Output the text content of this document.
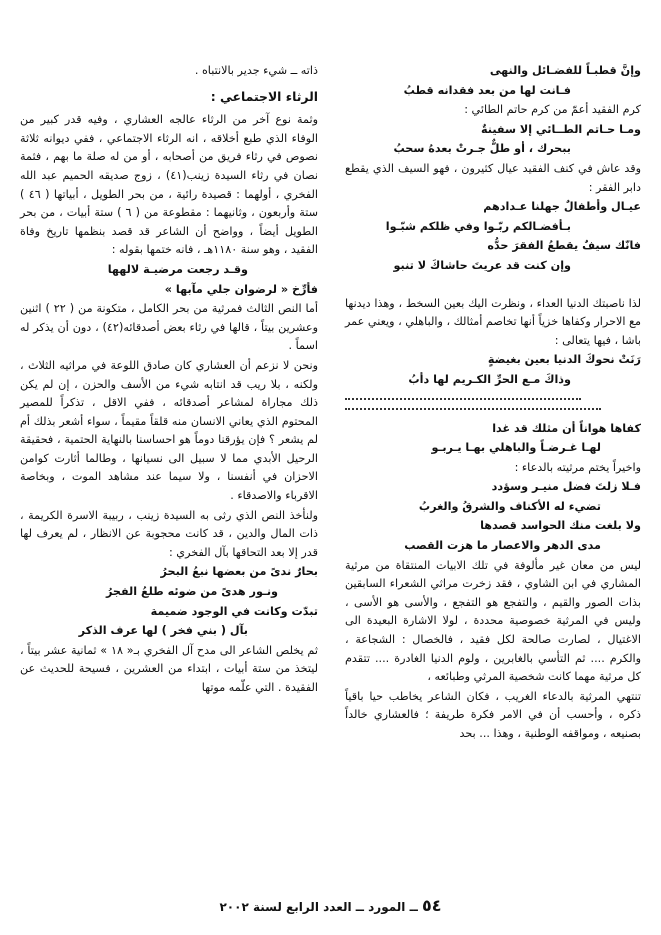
وإنَّ قطبـاً للفضـائل والنهى
فـانت لها من بعد فقدانه قطبُ

كرم الفقيد أعمّ من كرم حاتم الطائي :

ومـا حـاتم الطــائي إلا سفينةٌ
ببحرك ، أو طلٌّ جـرتْ بعدهُ سحبُ

وقد عاش في كنف الفقيد عيال كثيرون ، فهو السيف الذي يقطع دابر الفقر :

عيـال وأطفالٌ جهلنا عـدادهم
بـأفضـالكم ربّـوا وفي ظلكم شبّـوا
فانّك سيفٌ يقطعُ الفقرَ حدُّه
وإن كنت قد عريتَ حاشاكَ لا تنبو

لذا ناصبتك الدنيا العداء ، ونظرت اليك بعين السخط ، وهذا ديدنها مع الاحرار وكفاها خزياً أنها تخاصم أمثالك ، والباهلي ، ويعني عمر باشا ، فيها يتعالى :

رَنَتْ نحوكَ الدنيا بعين بغيضةٍ
وذاكَ مـع الحرِّ الكـريم لها دأبُ
كفاها هواناً أن مثلك قد غدا
لهـا غـرضـاً والباهلي بهـا يـربـو

واخيراً يختم مرثيته بالدعاء :

فـلا زلتَ فضل منيـر وسؤدد
تضيء له الأكناف والشرقُ والغربُ
ولا بلغت منك الحواسد قصدها
مدى الدهر والاعصار ما هزت القصب

ليس من معان غير مألوفة في تلك الابيات المنتقاة من مرثية المشاري في ابن الشاوي ، فقد زخرت مراثي الشعراء السابقين بذات الصور والقيم ، والتفجع هو التفجع ، والأسى هو الأسى ، وليس في المرثية خصوصية محددة ، لولا الاشارة البعيدة الى الاغتيال ، لصارت صالحة لكل فقيد ، فالخصال : الشجاعة ، والكرم .... ثم التأسي بالغابرين ، ولوم الدنيا الغادرة .... تتقدم كل مرثية مهما كانت شخصية المرثي وطبائعه ،

تنتهي المرثية بالدعاء الغريب ، فكان الشاعر يخاطب حيا باقياً ذكره ، وأحسب أن في الامر فكرة طريفة ؛ فالعشاري خالداً بصنيعه ، ومواقفه الوطنية ، وهذا ... بحد

ذاته ــ شيء جدير بالانتباه .

الرثاء الاجتماعي :

وثمة نوع آخر من الرثاء عالجه العشاري ، وفيه قدر كبير من الوفاء الذي طبع أخلاقه ، انه الرثاء الاجتماعي ، ففي ديوانه ثلاثة نصوص في رثاء فريق من أصحابه ، أو من له صلة ما بهم ، فثمة نصان في رثاء السيدة زينب(٤١) ، زوج صديقه الحميم عبد الله الفخري ، أولهما : قصيدة رائية ، من بحر الطويل ، أبياتها ( ٤٦ ) ستة وأربعون ، وثانيهما : مقطوعة من ( ٦ ) ستة أبيات ، من بحر الطويل أيضاً ، وواضح أن الشاعر قد قصد بنظمها تاريخ وفاة الفقيد ، وهو سنة ١١٨٠هـ ، فانه ختمها بقوله :

وقـد رجعت مرضيـة لالهها
فأرِّخ « لرضوان جلي مآبها »

أما النص الثالث فمرثية من بحر الكامل ، متكونة من ( ٢٢ ) اثنين وعشرين بيتاً ، قالها في رثاء بعض أصدقائه(٤٢) ، دون أن يذكر له اسماً .

ونحن لا نزعم أن العشاري كان صادق اللوعة في مراثيه الثلاث ، ولكنه ، بلا ريب قد انتابه شيء من الأسف والحزن ، إن لم يكن ذلك مجاراة لمشاعر أصدقائه ، ففي الاقل ، تذكراً للمصير المحتوم الذي يعاني الانسان منه قلقاً مقيماً ، سواء أشعر بذلك أم لم يشعر ؟ فإن يؤرقنا دوماً هو احساسنا بالنهاية الحتمية ، فحقيقة الرحيل الأبدي مما لا سبيل الى نسيانها ، وطالما أثارت كوامن الاحزان في أنفسنا ، ولا سيما عند مشاهد الموت ، وبخاصة الاقرباء والاصدقاء .

ولنأخذ النص الذي رثى به السيدة زينب ، ربيبة الاسرة الكريمة ، ذات المال والدين ، قد كانت محجوبة عن الانظار ، لم يعرف لها قدر إلا بعد التحاقها بآل الفخري :

بحارٌ ندىً من بعضها نبعُ البحرُ
ونـور هدىً من ضوئه طلعُ الفجرُ
تبدّت وكانت في الوجود ضميمة
بآل ( بني فخر ) لها عرف الذكر

ثم يخلص الشاعر الى مدح آل الفخري بـ« ١٨ » ثمانية عشر بيتاً ، ليتخذ من ستة أبيات ، ابتداء من العشرين ، فسيحة للحديث عن الفقيدة . التي علّمه موتها

٥٤ ــ المورد ــ العدد الرابع لسنة ٢٠٠٢
